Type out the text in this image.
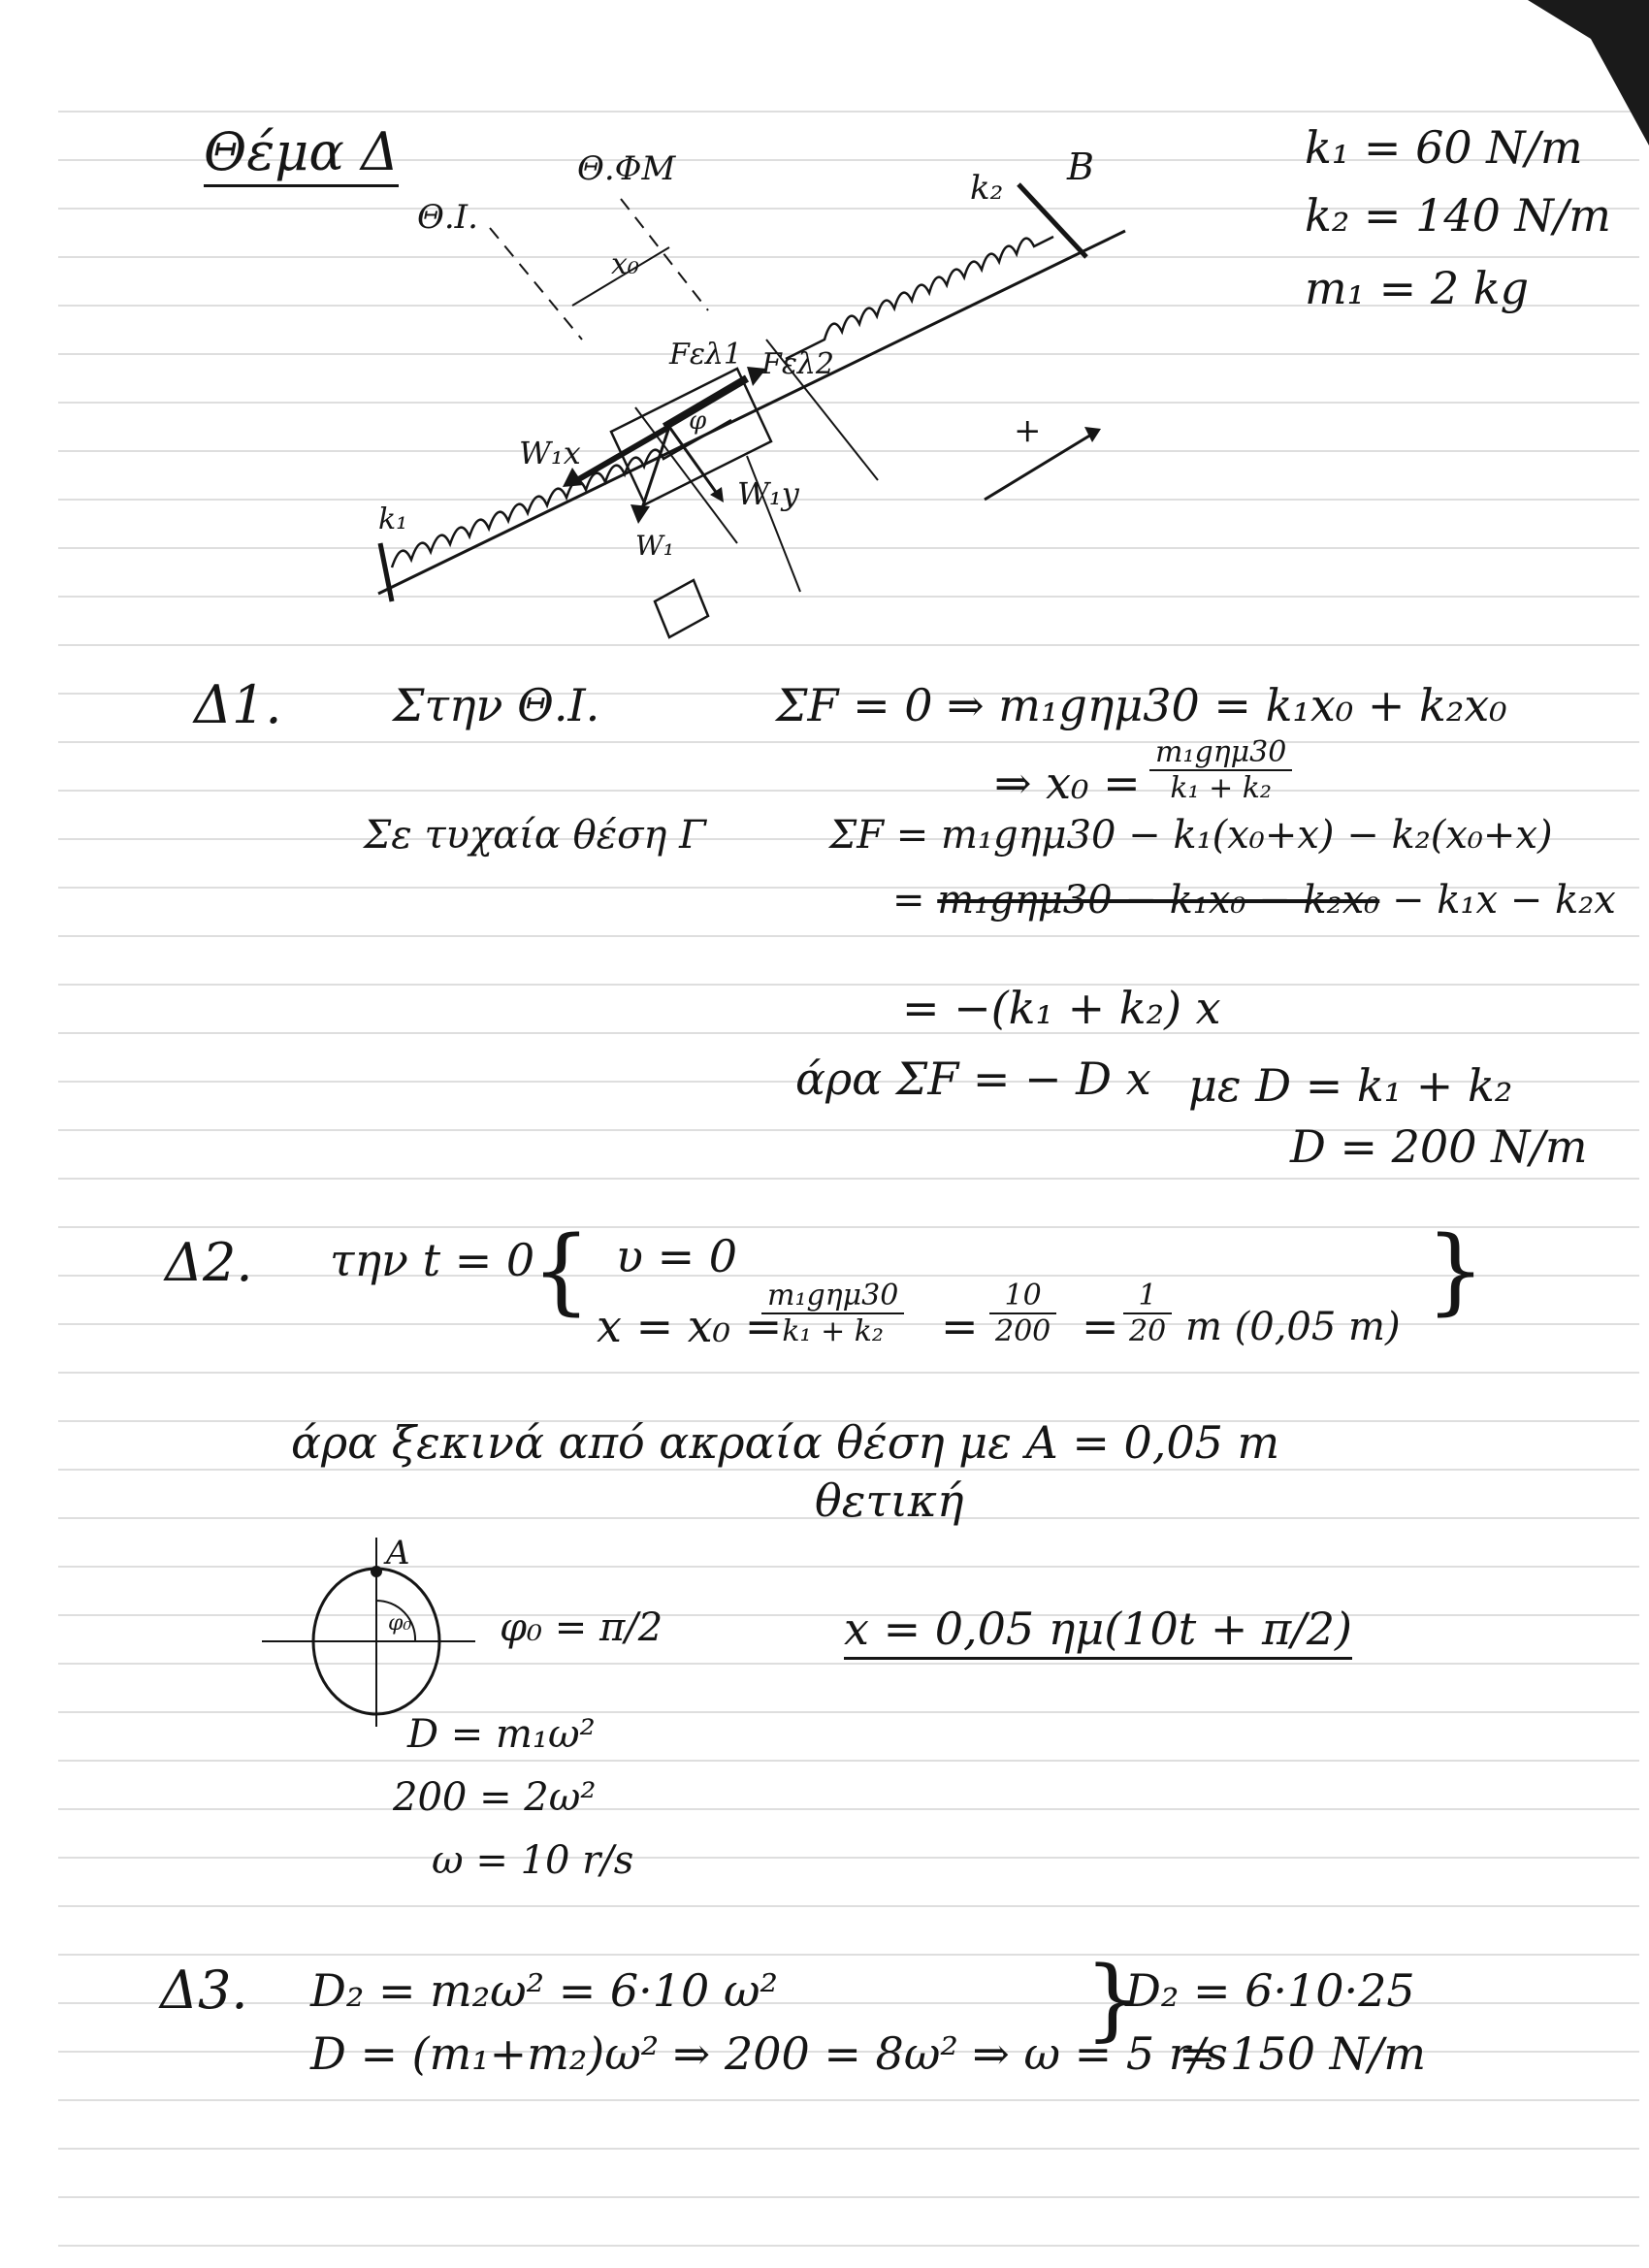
Θέμα Δ	k₁ = 60 N/m
k₂ = 140 N/m
m₁ = 2 kg
Θ.ΦΜ
Θ.Ι.
x₀
k₂ B
k₁
Fελ1 Fελ2
W₁x
W₁y
W₁
φ	+
Δ1. Στην Θ.Ι.	ΣF = 0 ⇒ m₁gημ30 = k₁x₀ + k₂x₀
⇒ x₀ =
m₁gημ30
k₁ + k₂
Σε τυχαία θέση Γ	ΣF = m₁gημ30 − k₁(x₀+x) − k₂(x₀+x)
= m₁gημ30 − k₁x₀ − k₂x₀ − k₁x − k₂x
= −(k₁ + k₂) x
άρα ΣF = − D x με D = k₁ + k₂
D = 200 N/m
Δ2. την t = 0
{ υ = 0
x = x₀ =
m₁gημ30
k₁ + k₂	= $\frac{10}{200} = \frac{1}{20}$ m (0,05 m)
}
άρα ξεκινά από ακραία θέση με A = 0,05 m
θετική
A
φ₀ φ₀ = π/2	x = 0,05 ημ(10t + π/2)
D = m₁ω²
200 = 2ω²
ω = 10 r/s
Δ3. D₂ = m₂ω² = 6·10 ω²
D = (m₁+m₂)ω² ⇒ 200 = 8ω² ⇒ ω = 5 r/s
}
D₂ = 6·10·25
= 150 N/m
